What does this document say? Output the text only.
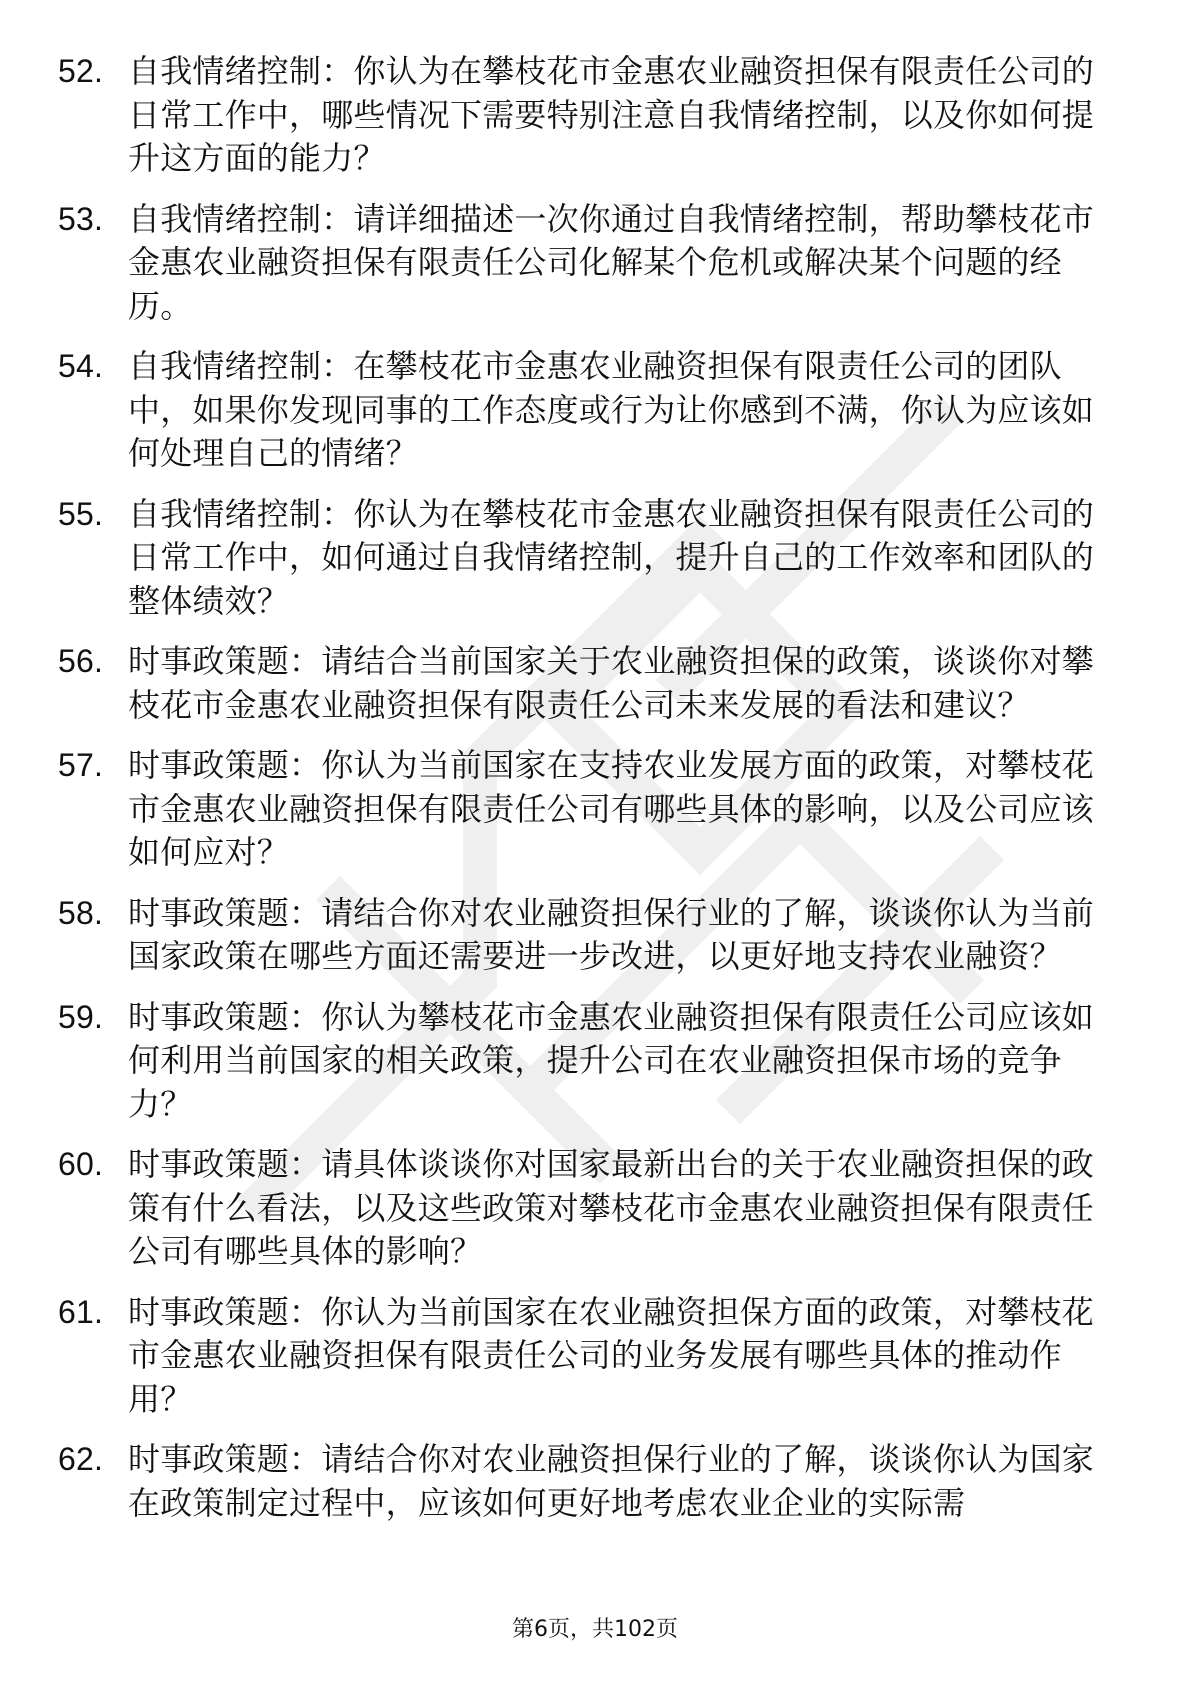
52. 自我情绪控制：你认为在攀枝花市金惠农业融资担保有限责任公司的日常工作中，哪些情况下需要特别注意自我情绪控制，以及你如何提升这方面的能力？
53. 自我情绪控制：请详细描述一次你通过自我情绪控制，帮助攀枝花市金惠农业融资担保有限责任公司化解某个危机或解决某个问题的经历。
54. 自我情绪控制：在攀枝花市金惠农业融资担保有限责任公司的团队中，如果你发现同事的工作态度或行为让你感到不满，你认为应该如何处理自己的情绪？
55. 自我情绪控制：你认为在攀枝花市金惠农业融资担保有限责任公司的日常工作中，如何通过自我情绪控制，提升自己的工作效率和团队的整体绩效？
56. 时事政策题：请结合当前国家关于农业融资担保的政策，谈谈你对攀枝花市金惠农业融资担保有限责任公司未来发展的看法和建议？
57. 时事政策题：你认为当前国家在支持农业发展方面的政策，对攀枝花市金惠农业融资担保有限责任公司有哪些具体的影响，以及公司应该如何应对？
58. 时事政策题：请结合你对农业融资担保行业的了解，谈谈你认为当前国家政策在哪些方面还需要进一步改进，以更好地支持农业融资？
59. 时事政策题：你认为攀枝花市金惠农业融资担保有限责任公司应该如何利用当前国家的相关政策，提升公司在农业融资担保市场的竞争力？
60. 时事政策题：请具体谈谈你对国家最新出台的关于农业融资担保的政策有什么看法，以及这些政策对攀枝花市金惠农业融资担保有限责任公司有哪些具体的影响？
61. 时事政策题：你认为当前国家在农业融资担保方面的政策，对攀枝花市金惠农业融资担保有限责任公司的业务发展有哪些具体的推动作用？
62. 时事政策题：请结合你对农业融资担保行业的了解，谈谈你认为国家在政策制定过程中，应该如何更好地考虑农业企业的实际需
第6页，共102页
